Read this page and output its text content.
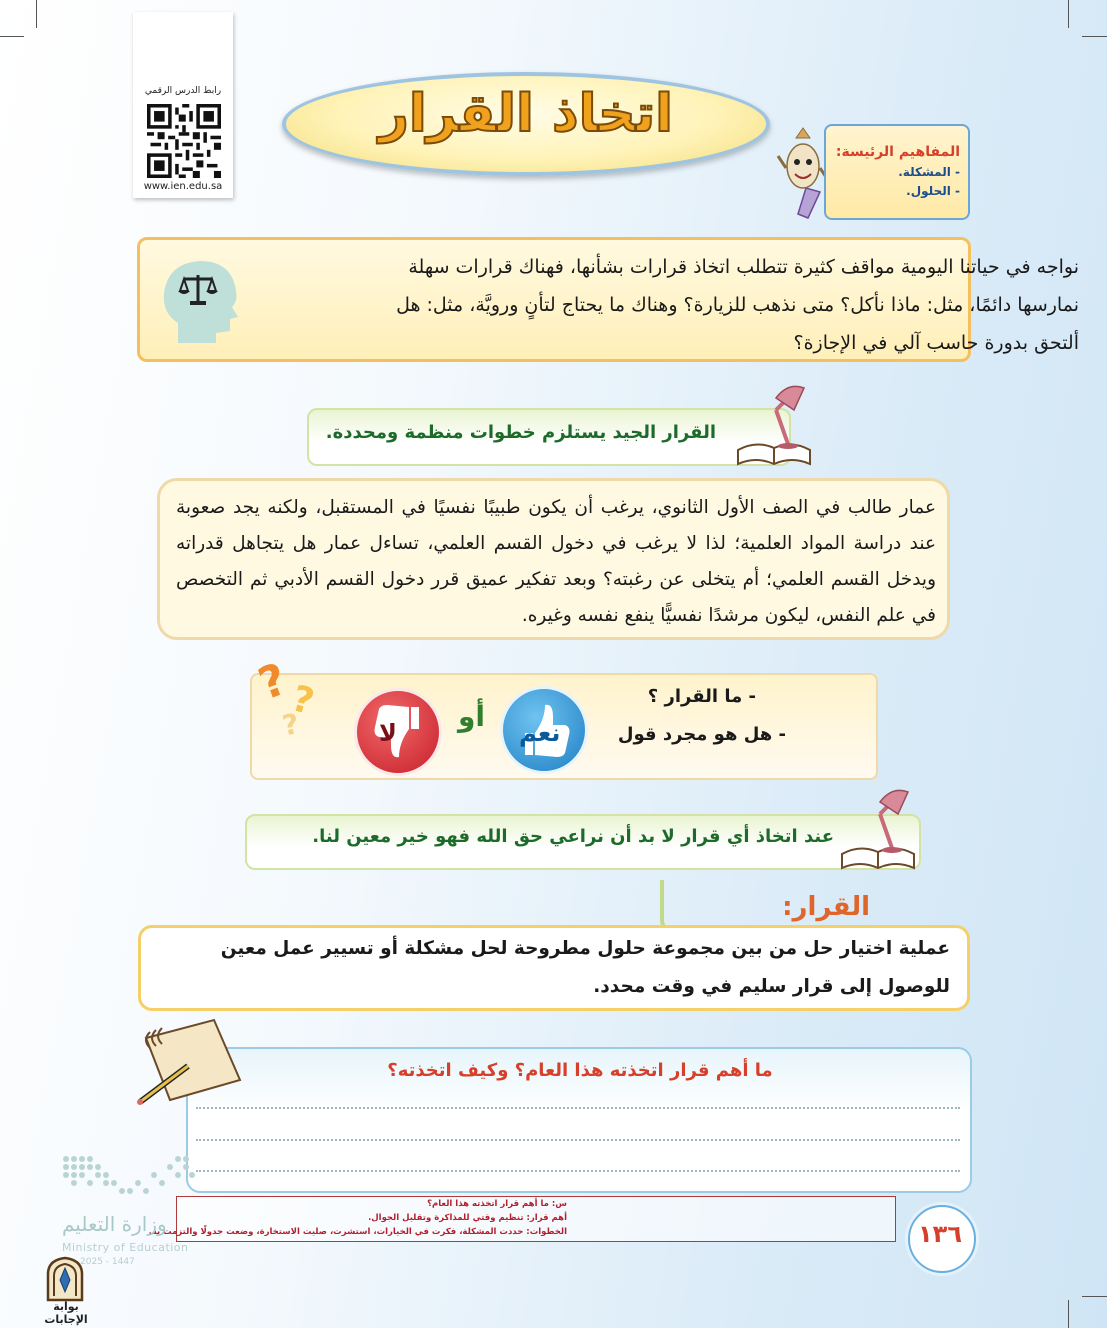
رابط الدرس الرقمي
www.ien.edu.sa
اتخاذ القرار
المفاهيم الرئيسة:
- المشكلة.
- الحلول.
نواجه في حياتنا اليومية مواقف كثيرة تتطلب اتخاذ قرارات بشأنها، فهناك قرارات سهلة نمارسها دائمًا، مثل: ماذا نأكل؟ متى نذهب للزيارة؟ وهناك ما يحتاج لتأنٍ ورويَّة، مثل: هل ألتحق بدورة حاسب آلي في الإجازة؟
القرار الجيد يستلزم خطوات منظمة ومحددة.
عمار طالب في الصف الأول الثانوي، يرغب أن يكون طبيبًا نفسيًا في المستقبل، ولكنه يجد صعوبة عند دراسة المواد العلمية؛ لذا لا يرغب في دخول القسم العلمي، تساءل عمار هل يتجاهل قدراته ويدخل القسم العلمي؛ أم يتخلى عن رغبته؟ وبعد تفكير عميق قرر دخول القسم الأدبي ثم التخصص في علم النفس، ليكون مرشدًا نفسيًّا ينفع نفسه وغيره.
- ما القرار ؟
- هل هو مجرد قول
نعم
أو
لا
?
?
?
عند اتخاذ أي قرار لا بد أن نراعي حق الله فهو خير معين لنا.
القرار:
عملية اختيار حل من بين مجموعة حلول مطروحة لحل مشكلة أو تسيير عمل معين للوصول إلى قرار سليم في وقت محدد.
ما أهم قرار اتخذته هذا العام؟ وكيف اتخذته؟
س: ما أهم قرار اتخذته هذا العام؟
أهم قرار: تنظيم وقتي للمذاكرة وتقليل الجوال.
الخطوات: حددت المشكلة، فكرت في الخيارات، استشرت، صليت الاستخارة، وضعت جدولًا والتزمت به.	١٣٦
وزارة التعليم
Ministry of Education
2025 - 1447
بوابة الإجابات
